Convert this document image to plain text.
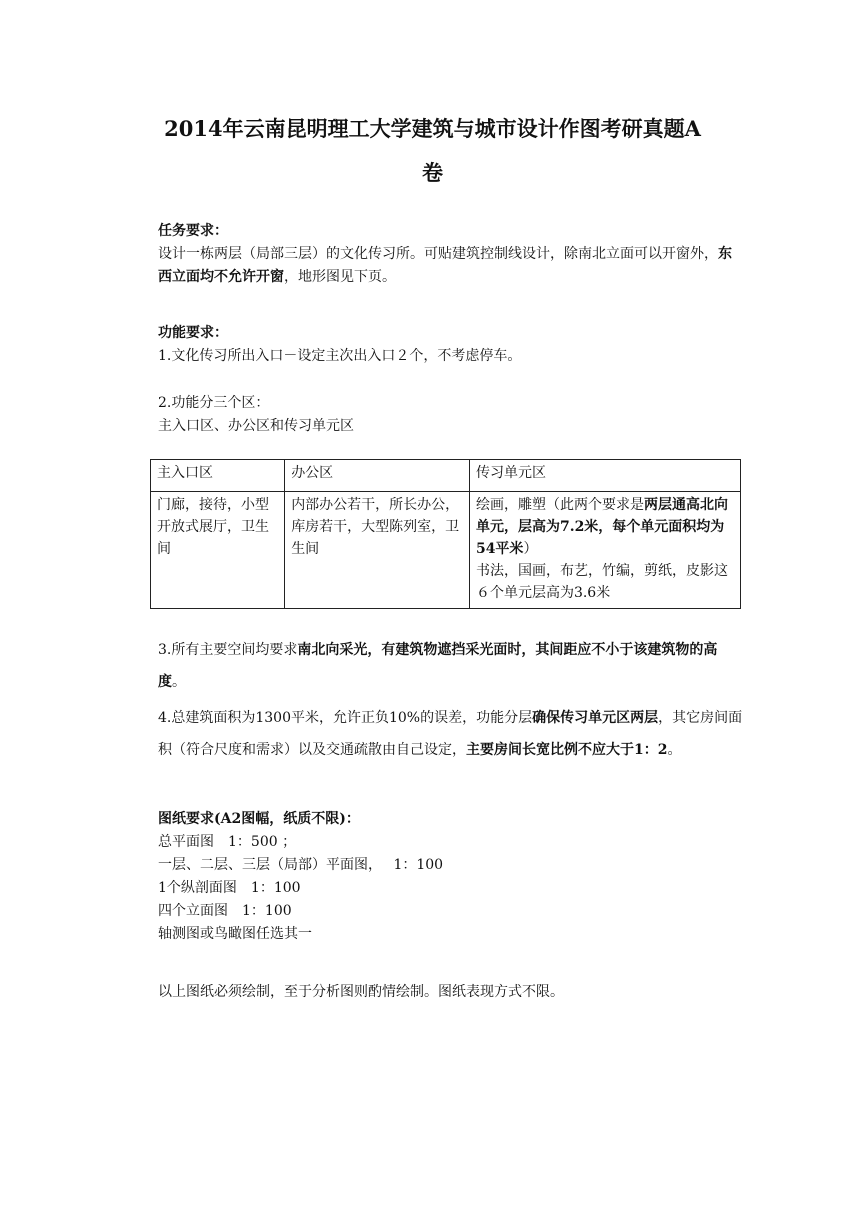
2014年云南昆明理工大学建筑与城市设计作图考研真题A
卷
任务要求：
设计一栋两层（局部三层）的文化传习所。可贴建筑控制线设计，除南北立面可以开窗外，东西立面均不允许开窗，地形图见下页。
功能要求：
1.文化传习所出入口－设定主次出入口２个，不考虑停车。
2.功能分三个区：
主入口区、办公区和传习单元区
主入口区	办公区	传习单元区
门廊，接待，小型开放式展厅，卫生间	内部办公若干，所长办公，库房若干，大型陈列室，卫生间	绘画，雕塑（此两个要求是两层通高北向单元，层高为7.2米，每个单元面积均为54平米）
书法，国画，布艺，竹编，剪纸，皮影这６个单元层高为3.6米
3.所有主要空间均要求南北向采光，有建筑物遮挡采光面时，其间距应不小于该建筑物的高度。
4.总建筑面积为1300平米，允许正负10%的误差，功能分层确保传习单元区两层，其它房间面积（符合尺度和需求）以及交通疏散由自己设定，主要房间长宽比例不应大于1：2。
图纸要求(A2图幅，纸质不限)：
总平面图　1：500 ；
一层、二层、三层（局部）平面图，　 1：100
1个纵剖面图　1：100
四个立面图　1：100
轴测图或鸟瞰图任选其一
以上图纸必须绘制，至于分析图则酌情绘制。图纸表现方式不限。
